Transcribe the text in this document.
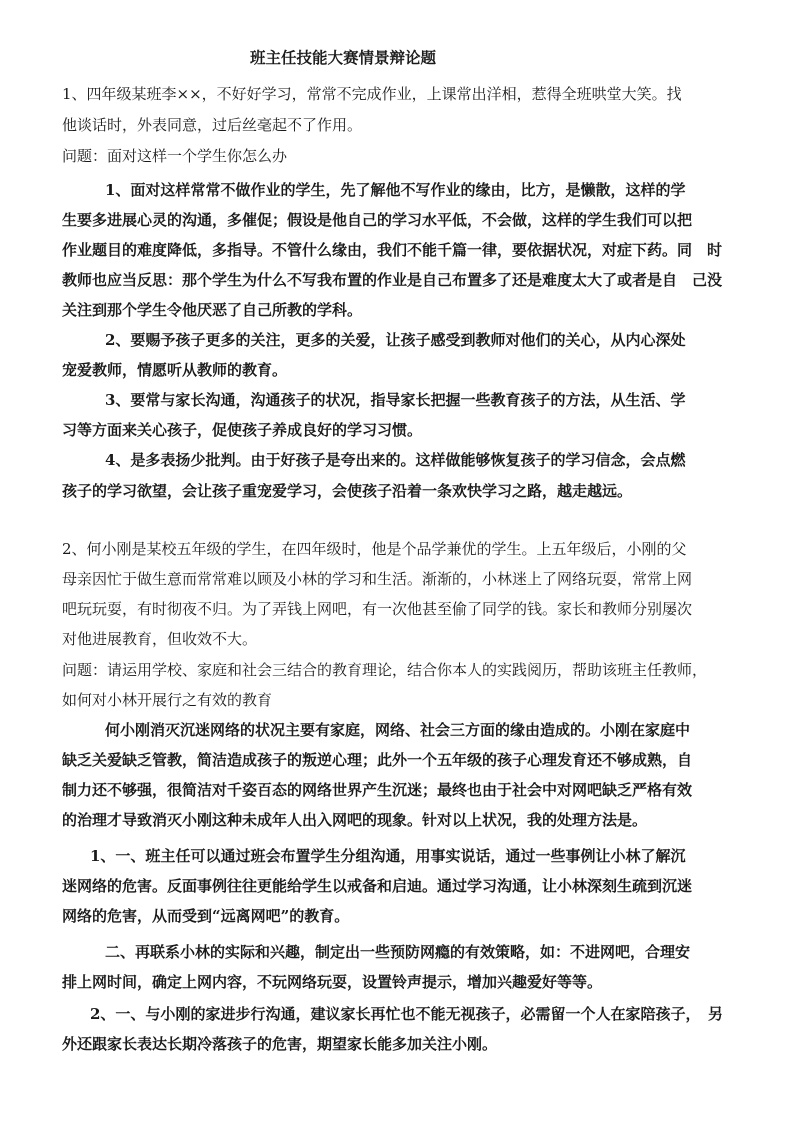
班主任技能大赛情景辩论题
1、四年级某班李××，不好好学习，常常不完成作业，上课常出洋相，惹得全班哄堂大笑。找
他谈话时，外表同意，过后丝毫起不了作用。
问题：面对这样一个学生你怎么办
1、面对这样常常不做作业的学生，先了解他不写作业的缘由，比方，是懒散，这样的学
生要多进展心灵的沟通，多催促；假设是他自己的学习水平低，不会做，这样的学生我们可以把
作业题目的难度降低，多指导。不管什么缘由，我们不能千篇一律，要依据状况，对症下药。同　时
教师也应当反思：那个学生为什么不写我布置的作业是自己布置多了还是难度太大了或者是自　己没
关注到那个学生令他厌恶了自己所教的学科。
2、要赐予孩子更多的关注，更多的关爱，让孩子感受到教师对他们的关心，从内心深处
宠爱教师，情愿听从教师的教育。
3、要常与家长沟通，沟通孩子的状况，指导家长把握一些教育孩子的方法，从生活、学
习等方面来关心孩子，促使孩子养成良好的学习习惯。
4、是多表扬少批判。由于好孩子是夸出来的。这样做能够恢复孩子的学习信念，会点燃
孩子的学习欲望，会让孩子重宠爱学习，会使孩子沿着一条欢快学习之路，越走越远。
2、何小刚是某校五年级的学生，在四年级时，他是个品学兼优的学生。上五年级后，小刚的父
母亲因忙于做生意而常常难以顾及小林的学习和生活。渐渐的，小林迷上了网络玩耍，常常上网
吧玩玩耍，有时彻夜不归。为了弄钱上网吧，有一次他甚至偷了同学的钱。家长和教师分别屡次
对他进展教育，但收效不大。
问题：请运用学校、家庭和社会三结合的教育理论，结合你本人的实践阅历，帮助该班主任教师，
如何对小林开展行之有效的教育
何小刚消灭沉迷网络的状况主要有家庭，网络、社会三方面的缘由造成的。小刚在家庭中
缺乏关爱缺乏管教，简洁造成孩子的叛逆心理；此外一个五年级的孩子心理发育还不够成熟，自
制力还不够强，很简洁对千姿百态的网络世界产生沉迷；最终也由于社会中对网吧缺乏严格有效
的治理才导致消灭小刚这种未成年人出入网吧的现象。针对以上状况，我的处理方法是。
1、一、班主任可以通过班会布置学生分组沟通，用事实说话，通过一些事例让小林了解沉
迷网络的危害。反面事例往往更能给学生以戒备和启迪。通过学习沟通，让小林深刻生疏到沉迷
网络的危害，从而受到“远离网吧”的教育。
二、再联系小林的实际和兴趣，制定出一些预防网瘾的有效策略，如：不进网吧，合理安
排上网时间，确定上网内容，不玩网络玩耍，设置铃声提示，增加兴趣爱好等等。
2、一、与小刚的家进步行沟通，建议家长再忙也不能无视孩子，必需留一个人在家陪孩子，　另
外还跟家长表达长期冷落孩子的危害，期望家长能多加关注小刚。
